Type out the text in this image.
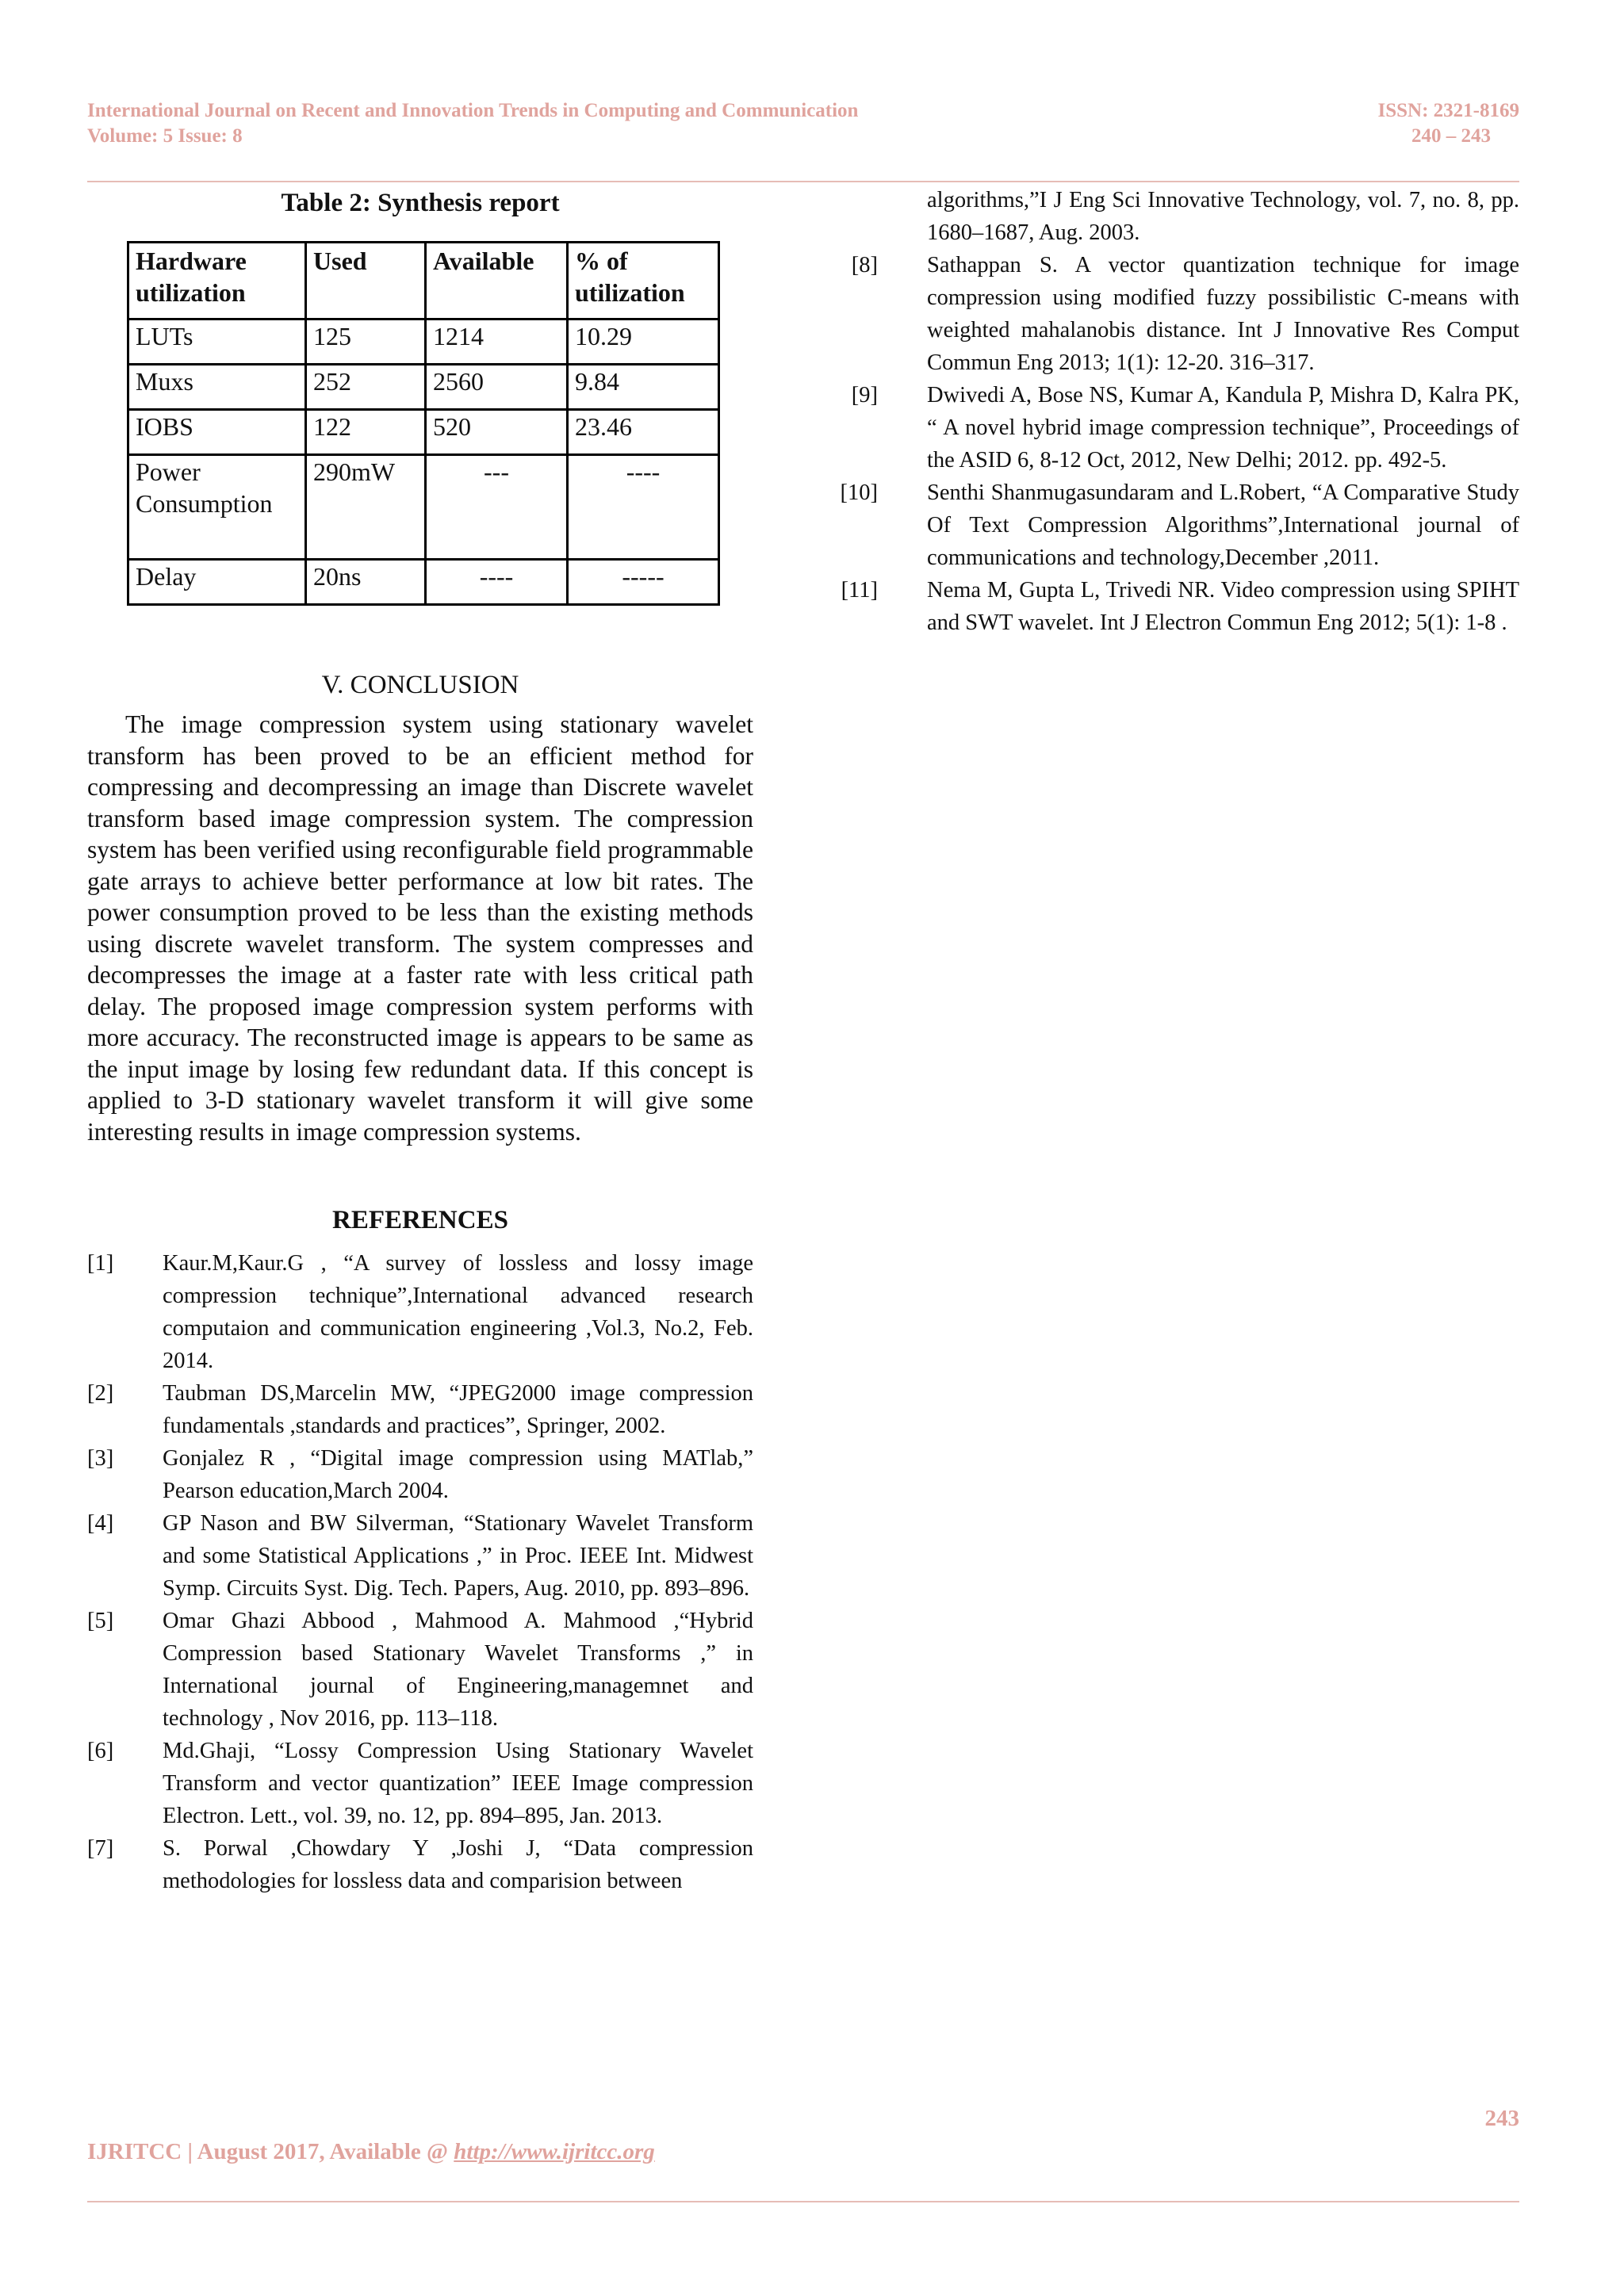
International Journal on Recent and Innovation Trends in Computing and Communication
Volume: 5 Issue: 8
ISSN: 2321-8169
240 – 243

Table 2: Synthesis report

Hardware utilization	Used	Available	% of utilization
LUTs	125	1214	10.29
Muxs	252	2560	9.84
IOBS	122	520	23.46
Power Consumption	290mW	---	----
Delay	20ns	----	-----
V. CONCLUSION

The image compression system using stationary wavelet transform has been proved to be an efficient method for compressing and decompressing an image than Discrete wavelet transform based image compression system. The compression system has been verified using reconfigurable field programmable gate arrays to achieve better performance at low bit rates. The power consumption proved to be less than the existing methods using discrete wavelet transform. The system compresses and decompresses the image at a faster rate with less critical path delay. The proposed image compression system performs with more accuracy. The reconstructed image is appears to be same as the input image by losing few redundant data. If this concept is applied to 3-D stationary wavelet transform it will give some interesting results in image compression systems.

REFERENCES
[1]	Kaur.M,Kaur.G , “A survey of lossless and lossy image compression technique”,International advanced research computaion and communication engineering ,Vol.3, No.2, Feb. 2014.
[2]	Taubman DS,Marcelin MW, “JPEG2000 image compression fundamentals ,standards and practices”, Springer, 2002.
[3]	Gonjalez R , “Digital image compression using MATlab,” Pearson education,March 2004.
[4]	GP Nason and BW Silverman, “Stationary Wavelet Transform and some Statistical Applications ,” in Proc. IEEE Int. Midwest Symp. Circuits Syst. Dig. Tech. Papers, Aug. 2010, pp. 893–896.
[5]	Omar Ghazi Abbood , Mahmood A. Mahmood ,“Hybrid Compression based Stationary Wavelet Transforms ,” in International journal of Engineering,managemnet and technology , Nov 2016, pp. 113–118.
[6]	Md.Ghaji, “Lossy Compression Using Stationary Wavelet Transform and vector quantization” IEEE Image compression Electron. Lett., vol. 39, no. 12, pp. 894–895, Jan. 2013.
[7]	S. Porwal ,Chowdary Y ,Joshi J, “Data compression methodologies for lossless data and comparision between
algorithms,”I J Eng Sci Innovative Technology, vol. 7, no. 8, pp. 1680–1687, Aug. 2003.
[8]	Sathappan S. A vector quantization technique for image compression using modified fuzzy possibilistic C-means with weighted mahalanobis distance. Int J Innovative Res Comput Commun Eng 2013; 1(1): 12-20. 316–317.
[9]	Dwivedi A, Bose NS, Kumar A, Kandula P, Mishra D, Kalra PK, “ A novel hybrid image compression technique”, Proceedings of the ASID 6, 8-12 Oct, 2012, New Delhi; 2012. pp. 492-5.
[10]	Senthi Shanmugasundaram and L.Robert, “A Comparative Study Of Text Compression Algorithms”,International journal of communications and technology,December ,2011.
[11]	Nema M, Gupta L, Trivedi NR. Video compression using SPIHT and SWT wavelet. Int J Electron Commun Eng 2012; 5(1): 1-8 .
243
IJRITCC | August 2017, Available @ http://www.ijritcc.org
